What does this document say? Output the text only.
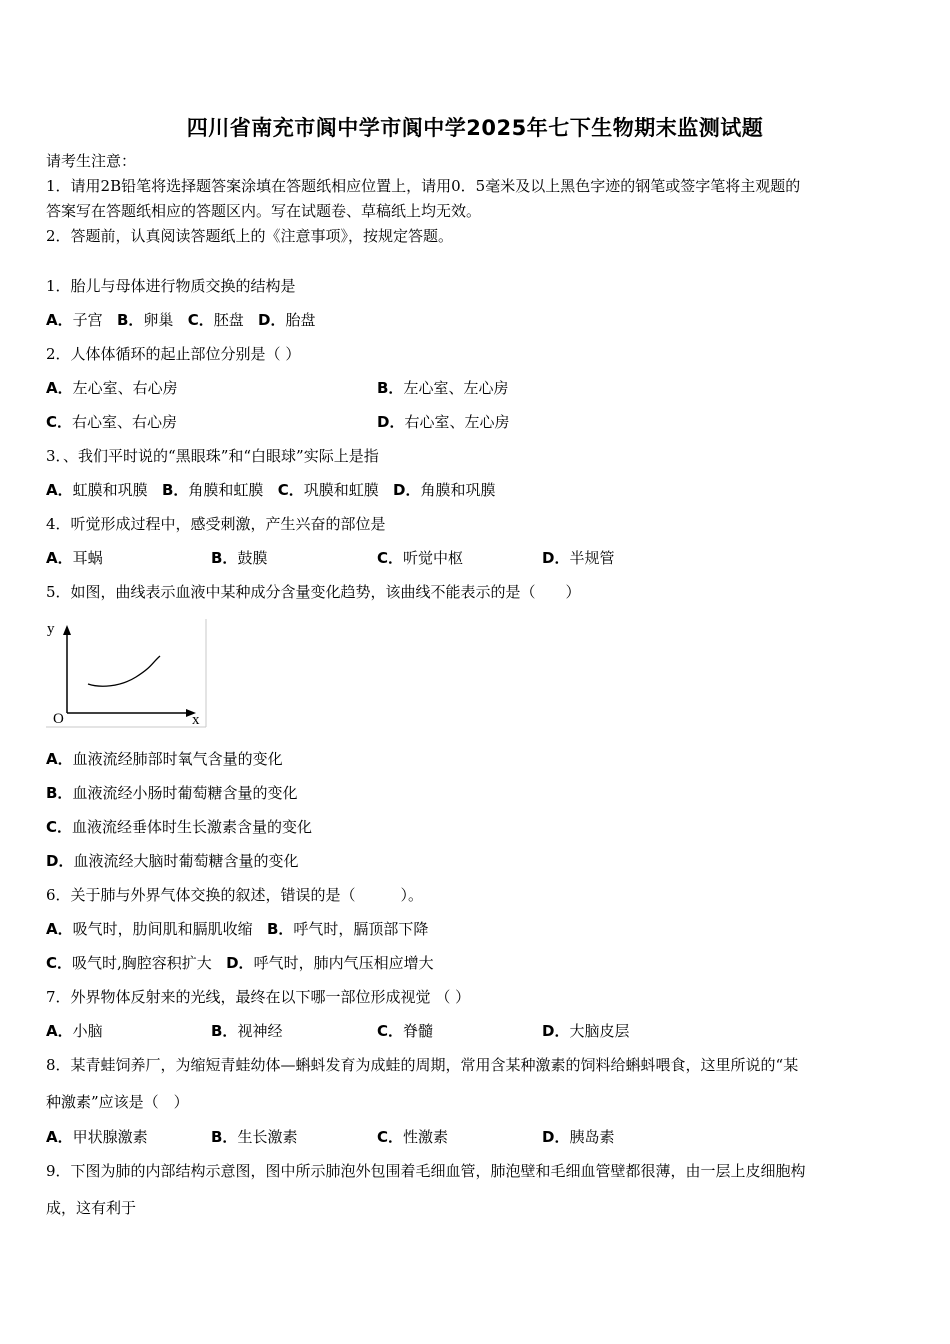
四川省南充市阆中学市阆中学2025年七下生物期末监测试题
请考生注意：
1．请用2B铅笔将选择题答案涂填在答题纸相应位置上，请用0．5毫米及以上黑色字迹的钢笔或签字笔将主观题的
答案写在答题纸相应的答题区内。写在试题卷、草稿纸上均无效。
2．答题前，认真阅读答题纸上的《注意事项》，按规定答题。
1．胎儿与母体进行物质交换的结构是
A．子宫 B．卵巢 C．胚盘 D．胎盘
2．人体体循环的起止部位分别是（ ）
A．左心室、右心房	B．左心室、左心房
C．右心室、右心房	D．右心室、左心房
3．、我们平时说的“黑眼珠”和“白眼球”实际上是指
A．虹膜和巩膜 B．角膜和虹膜 C．巩膜和虹膜 D．角膜和巩膜
4．听觉形成过程中，感受刺激，产生兴奋的部位是
A．耳蜗	B．鼓膜	C．听觉中枢	D．半规管
5．如图，曲线表示血液中某种成分含量变化趋势，该曲线不能表示的是（　　）
y
x
O
A．血液流经肺部时氧气含量的变化
B．血液流经小肠时葡萄糖含量的变化
C．血液流经垂体时生长激素含量的变化
D．血液流经大脑时葡萄糖含量的变化
6．关于肺与外界气体交换的叙述，错误的是（　　　）。
A．吸气时，肋间肌和膈肌收缩 B．呼气时，膈顶部下降
C．吸气时,胸腔容积扩大 D．呼气时，肺内气压相应增大
7．外界物体反射来的光线，最终在以下哪一部位形成视觉 （ ）
A．小脑	B．视神经	C．脊髓	D．大脑皮层
8．某青蛙饲养厂，为缩短青蛙幼体—蝌蚪发育为成蛙的周期，常用含某种激素的饲料给蝌蚪喂食，这里所说的“某
种激素”应该是（　）
A．甲状腺激素	B．生长激素	C．性激素	D．胰岛素
9．下图为肺的内部结构示意图，图中所示肺泡外包围着毛细血管，肺泡壁和毛细血管壁都很薄，由一层上皮细胞构
成，这有利于
